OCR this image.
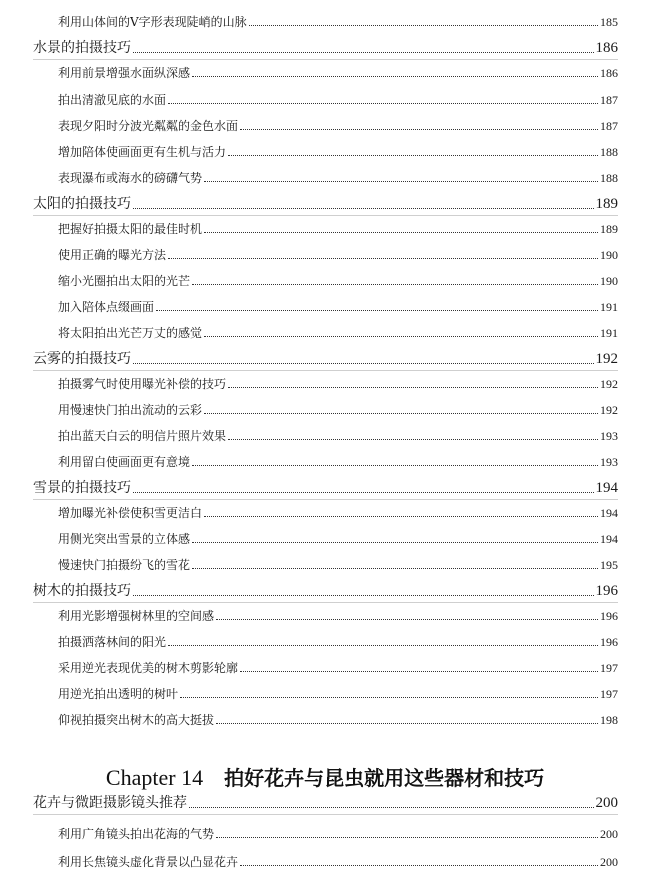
利用山体间的V字形表现陡峭的山脉	185
水景的拍摄技巧	186
利用前景增强水面纵深感	186
拍出清澈见底的水面	187
表现夕阳时分波光粼粼的金色水面	187
增加陪体使画面更有生机与活力	188
表现瀑布或海水的磅礴气势	188
太阳的拍摄技巧	189
把握好拍摄太阳的最佳时机	189
使用正确的曝光方法	190
缩小光圈拍出太阳的光芒	190
加入陪体点缀画面	191
将太阳拍出光芒万丈的感觉	191
云雾的拍摄技巧	192
拍摄雾气时使用曝光补偿的技巧	192
用慢速快门拍出流动的云彩	192
拍出蓝天白云的明信片照片效果	193
利用留白使画面更有意境	193
雪景的拍摄技巧	194
增加曝光补偿使积雪更洁白	194
用侧光突出雪景的立体感	194
慢速快门拍摄纷飞的雪花	195
树木的拍摄技巧	196
利用光影增强树林里的空间感	196
拍摄洒落林间的阳光	196
采用逆光表现优美的树木剪影轮廓	197
用逆光拍出透明的树叶	197
仰视拍摄突出树木的高大挺拔	198
花卉与微距摄影镜头推荐	200
利用广角镜头拍出花海的气势	200
利用长焦镜头虚化背景以凸显花卉	200
Chapter 14 拍好花卉与昆虫就用这些器材和技巧
